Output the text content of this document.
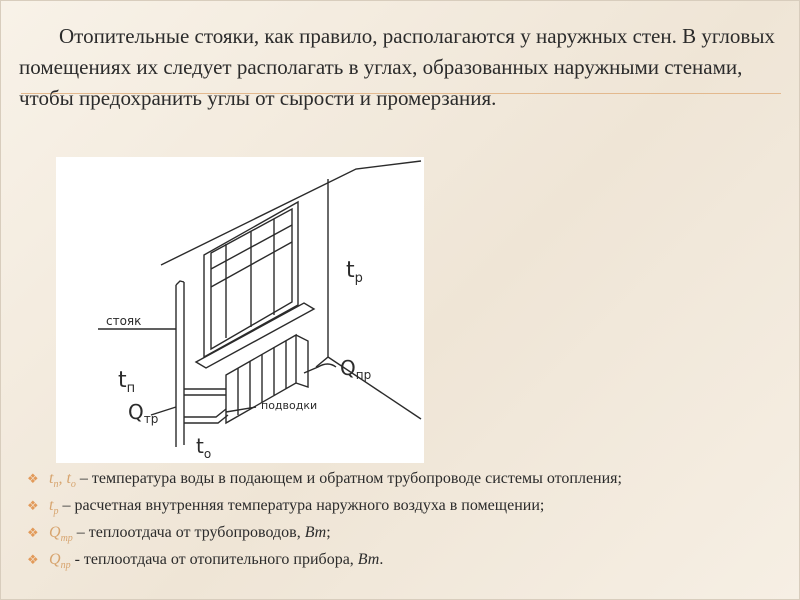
Отопительные стояки, как правило, располагаются у наружных стен. В угловых помещениях их следует располагать в углах, образованных наружными стенами, чтобы предохранить углы от сырости и промерзания.

стояк
подводки
$t_п$
$t_о$
$t_р$
$Q_{тр}$
$Q_{пр}$
❖ $t_п$, $t_о$ – температура воды в подающем и обратном трубопроводе системы отопления;
❖ $t_р$ – расчетная внутренняя температура наружного воздуха в помещении;
❖ $Q_{тр}$ – теплоотдача от трубопроводов, Вт;
❖ $Q_{пр}$ - теплоотдача от отопительного прибора, Вт.
